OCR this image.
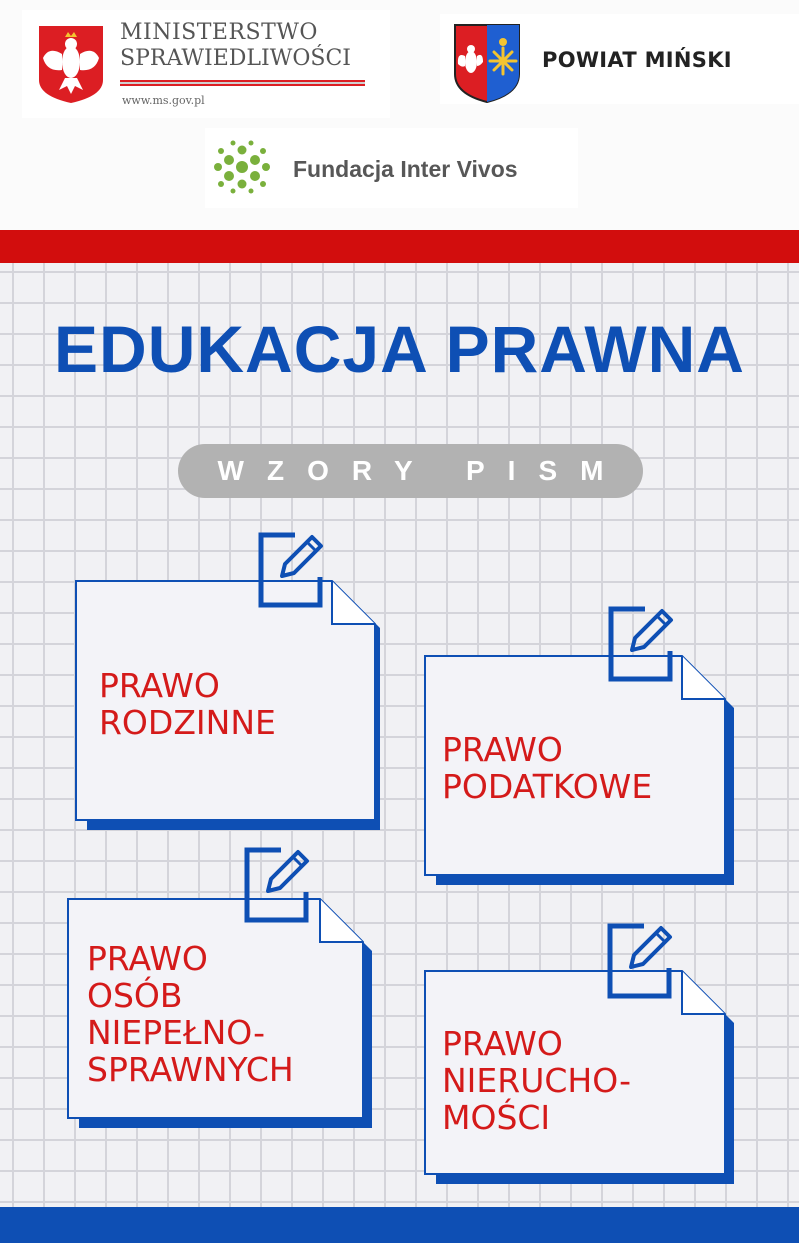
MINISTERSTWO
SPRAWIEDLIWOŚCI
www.ms.gov.pl
POWIAT MIŃSKI
Fundacja Inter Vivos
EDUKACJA PRAWNA
WZORY PISM
PRAWO
RODZINNE
PRAWO
PODATKOWE
PRAWO
OSÓB
NIEPEŁNO-
SPRAWNYCH
PRAWO
NIERUCHO-
MOŚCI
